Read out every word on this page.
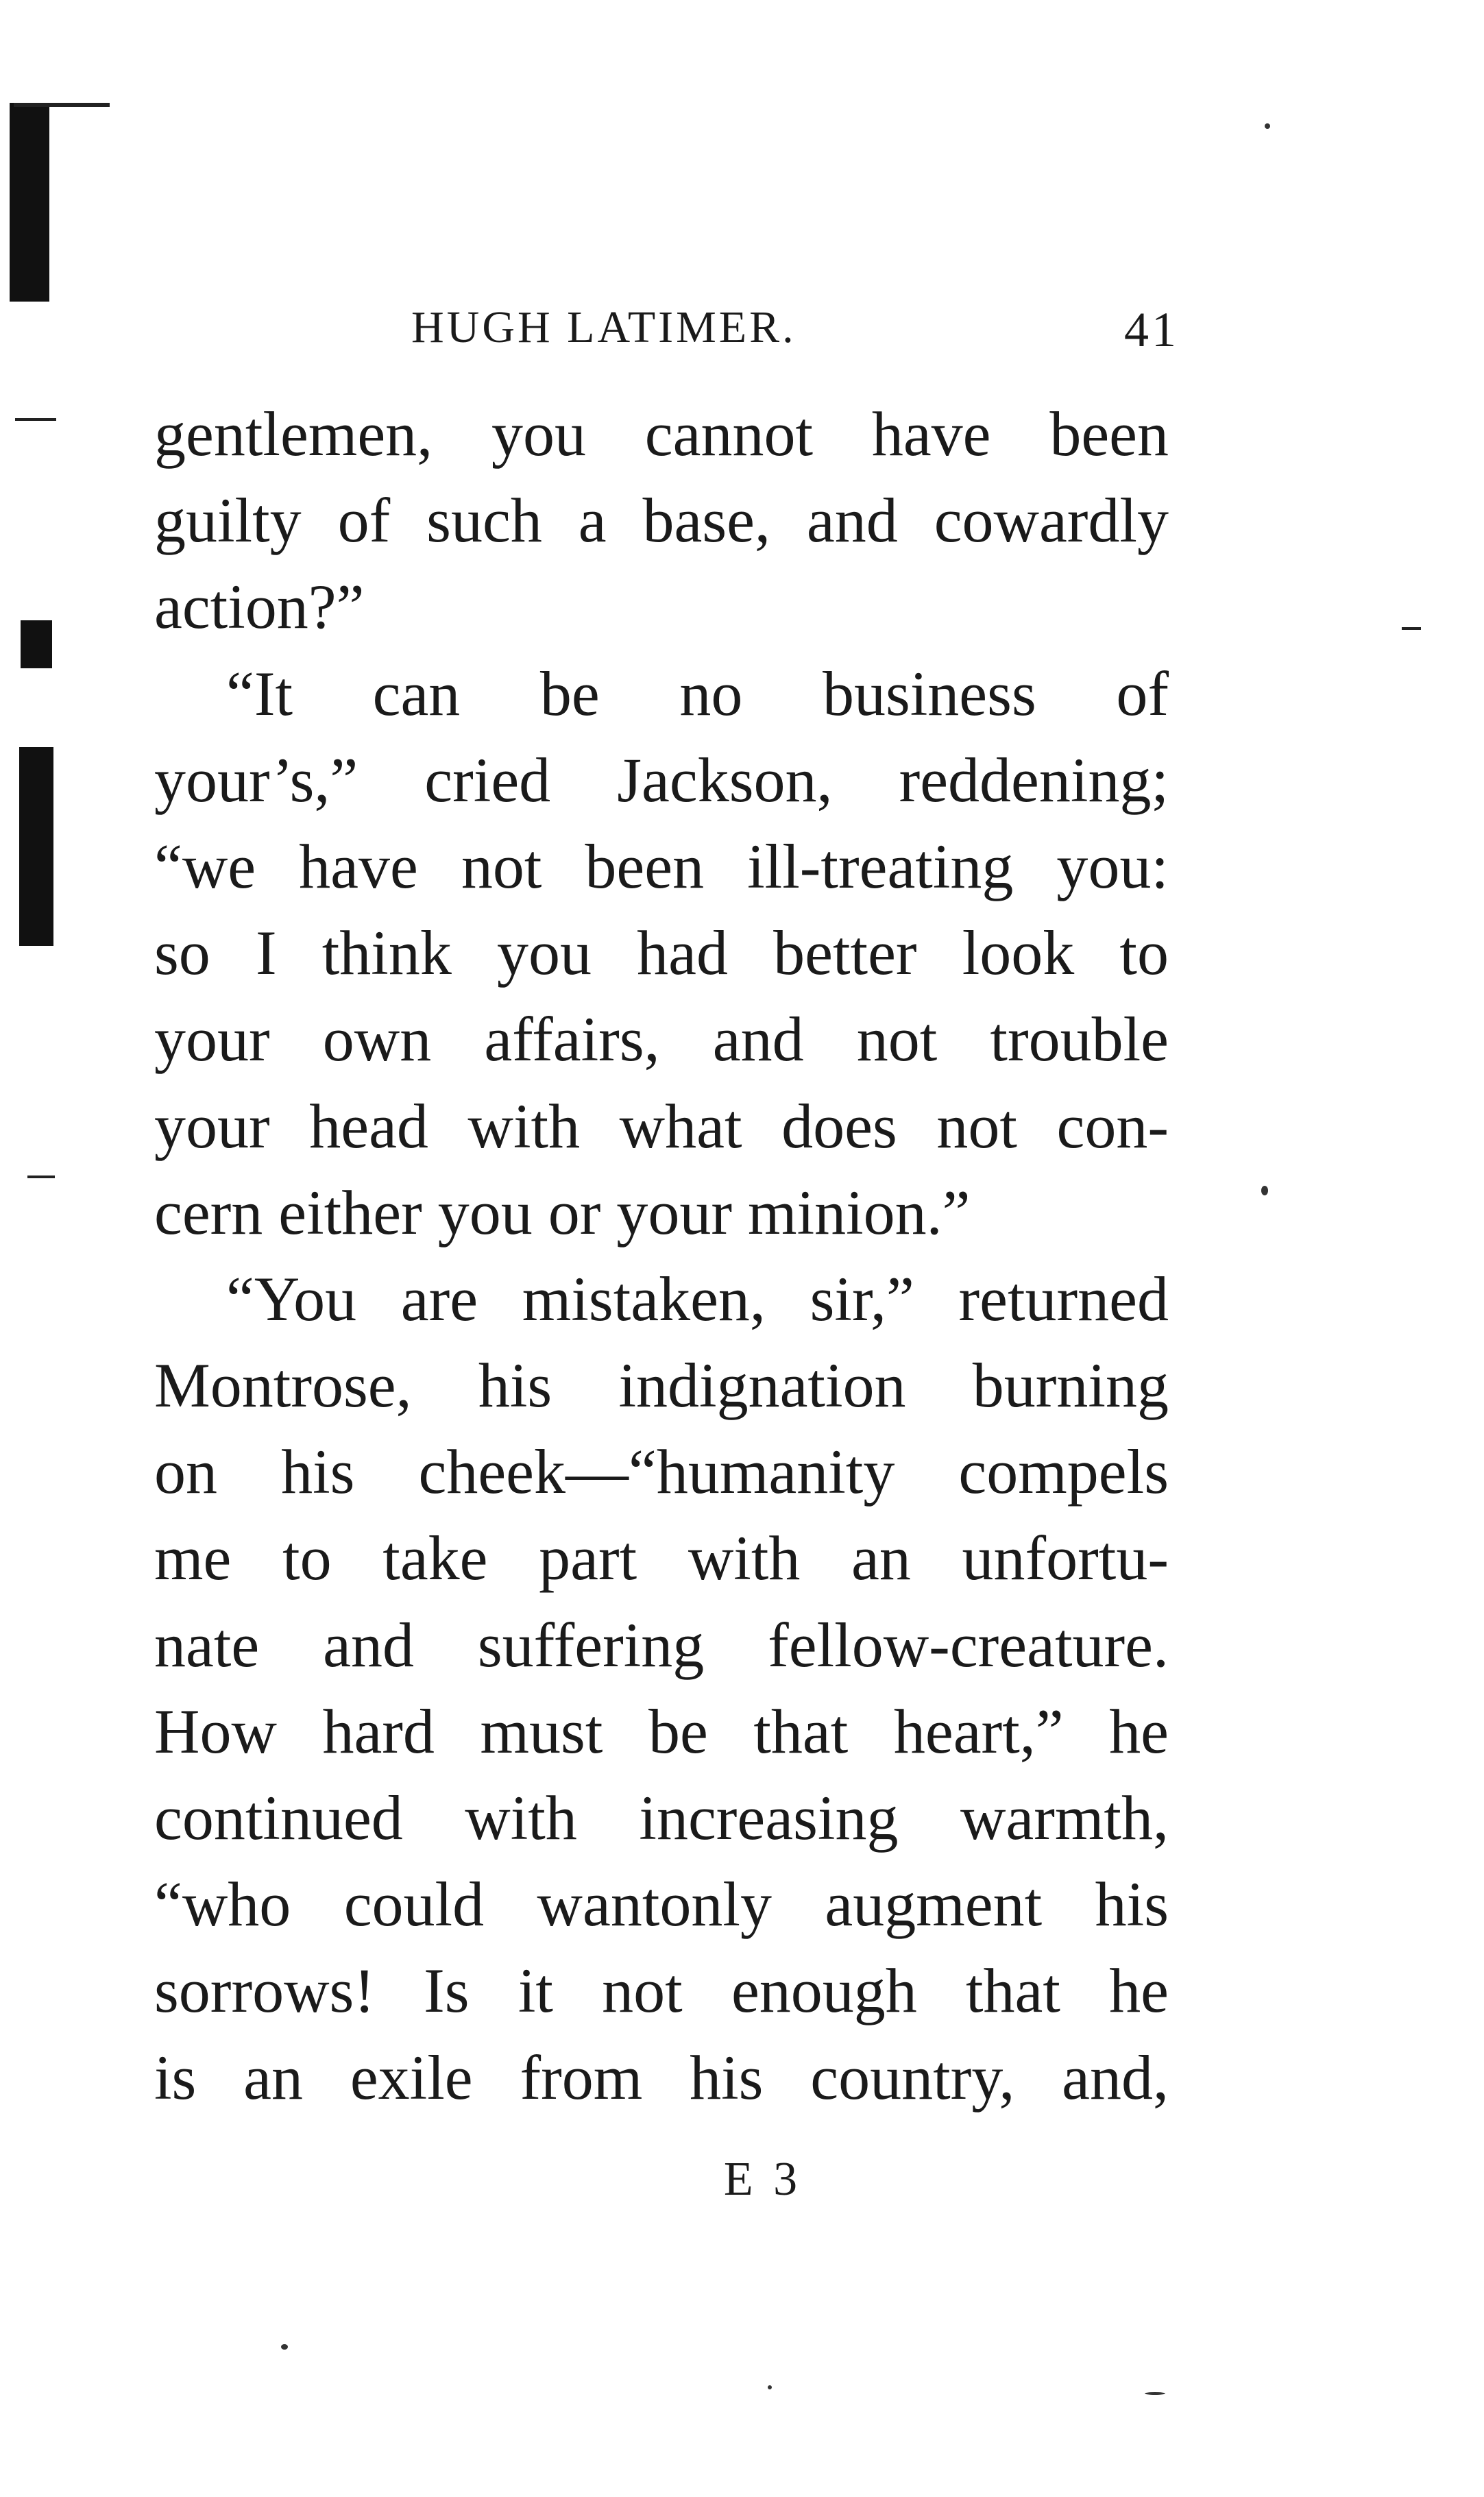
HUGH LATIMER.	41
gentlemen, you cannot have been
guilty of such a base, and cowardly
action?”
“It can be no business of
your’s,” cried Jackson, reddening;
“we have not been ill-treating you:
so I think you had better look to
your own affairs, and not trouble
your head with what does not con-
cern either you or your minion.”
“You are mistaken, sir,” returned
Montrose, his indignation burning
on his cheek—“humanity compels
me to take part with an unfortu-
nate and suffering fellow-creature.
How hard must be that heart,” he
continued with increasing warmth,
“who could wantonly augment his
sorrows! Is it not enough that he
is an exile from his country, and,
E 3
